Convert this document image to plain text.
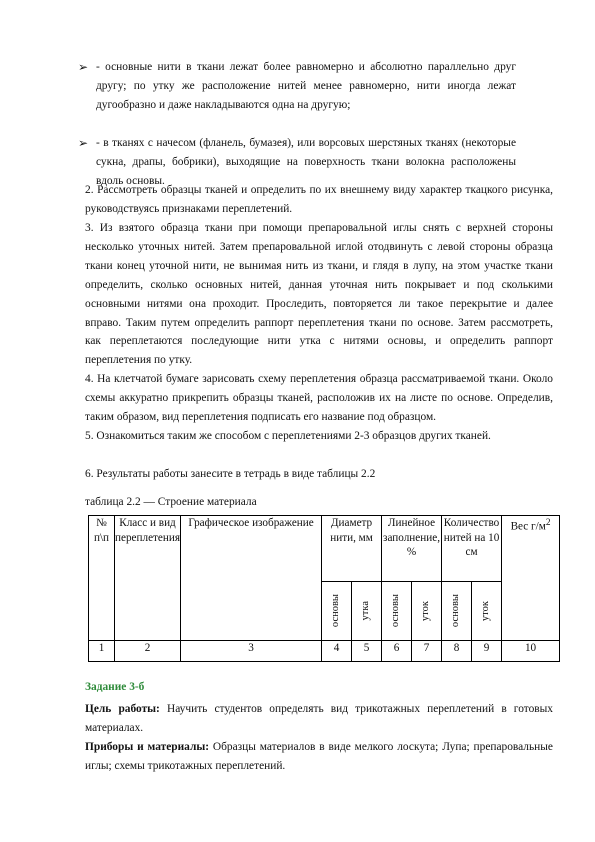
➢ - основные нити в ткани лежат более равномерно и абсолютно параллельно друг другу; по утку же расположение нитей менее равномерно, нити иногда лежат дугообразно и даже накладываются одна на другую;
➢ - в тканях с начесом (фланель, бумазея), или ворсовых шерстяных тканях (некоторые сукна, драпы, бобрики), выходящие на поверхность ткани волокна расположены вдоль основы.
2. Рассмотреть образцы тканей и определить по их внешнему виду характер ткацкого рисунка, руководствуясь признаками переплетений.
3. Из взятого образца ткани при помощи препаровальной иглы снять с верхней стороны несколько уточных нитей. Затем препаровальной иглой отодвинуть с левой стороны образца ткани конец уточной нити, не вынимая нить из ткани, и глядя в лупу, на этом участке ткани определить, сколько основных нитей, данная уточная нить покрывает и под сколькими основными нитями она проходит. Проследить, повторяется ли такое перекрытие и далее вправо. Таким путем определить раппорт переплетения ткани по основе. Затем рассмотреть, как переплетаются последующие нити утка с нитями основы, и определить раппорт переплетения по утку.
4. На клетчатой бумаге зарисовать схему переплетения образца рассматриваемой ткани. Около схемы аккуратно прикрепить образцы тканей, расположив их на листе по основе. Определив, таким образом, вид переплетения подписать его название под образцом.
5. Ознакомиться таким же способом с переплетениями 2-3 образцов других тканей.
6. Результаты работы занесите в тетрадь в виде таблицы 2.2
таблица 2.2 — Строение материала
№ п\п	Класс и вид переплетения	Графическое изображение	Диаметр нити, мм		Линейное заполнение, %		Количество нитей на 10 см		Вес $г/м^2$

			основы	утка	основы	уток	основы	уток	

1	2	3	4	5	6	7	8	9	10
Задание 3-б
Цель работы: Научить студентов определять вид трикотажных переплетений в готовых материалах.
Приборы и материалы: Образцы материалов в виде мелкого лоскута; Лупа; препаровальные иглы; схемы трикотажных переплетений.
